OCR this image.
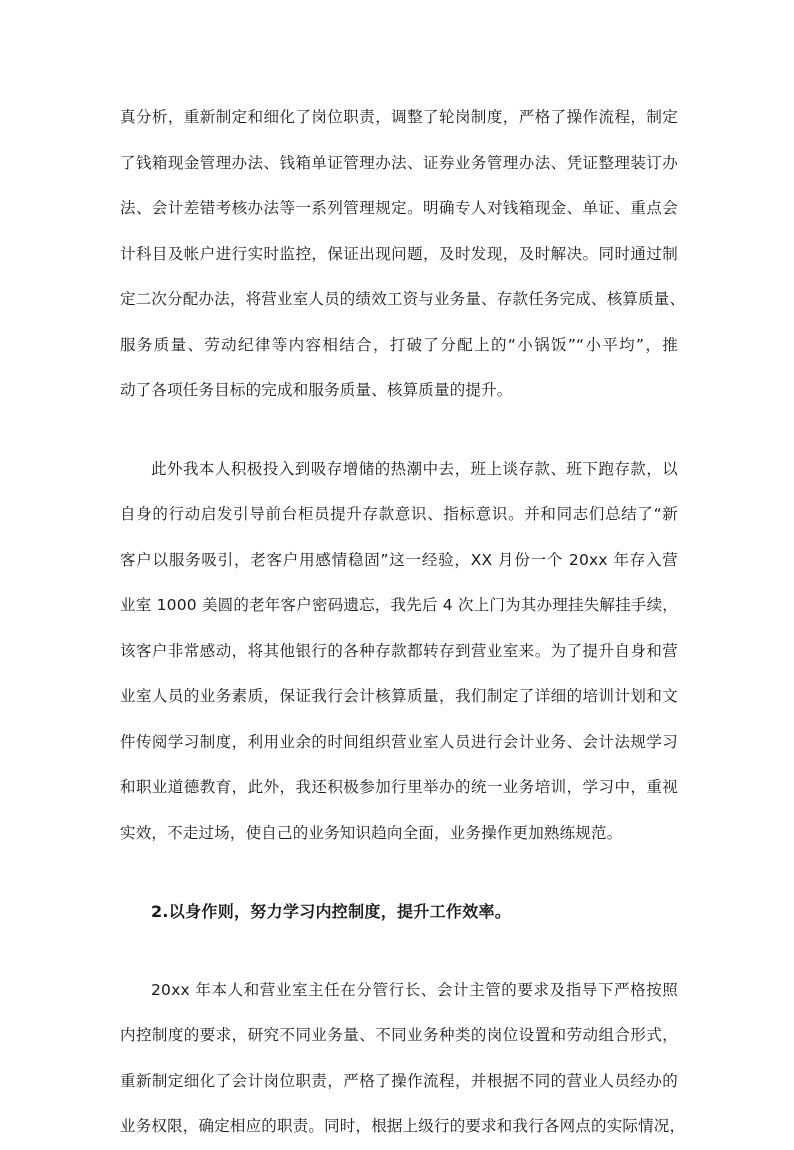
真分析，重新制定和细化了岗位职责，调整了轮岗制度，严格了操作流程，制定
了钱箱现金管理办法、钱箱单证管理办法、证券业务管理办法、凭证整理装订办
法、会计差错考核办法等一系列管理规定。明确专人对钱箱现金、单证、重点会
计科目及帐户进行实时监控，保证出现问题，及时发现，及时解决。同时通过制
定二次分配办法，将营业室人员的绩效工资与业务量、存款任务完成、核算质量、
服务质量、劳动纪律等内容相结合，打破了分配上的“小锅饭”“小平均”，推
动了各项任务目标的完成和服务质量、核算质量的提升。

此外我本人积极投入到吸存增储的热潮中去，班上谈存款、班下跑存款，以
自身的行动启发引导前台柜员提升存款意识、指标意识。并和同志们总结了“新
客户以服务吸引，老客户用感情稳固”这一经验，XX 月份一个 20xx 年存入营
业室 1000 美圆的老年客户密码遗忘，我先后 4 次上门为其办理挂失解挂手续，
该客户非常感动，将其他银行的各种存款都转存到营业室来。为了提升自身和营
业室人员的业务素质，保证我行会计核算质量，我们制定了详细的培训计划和文
件传阅学习制度，利用业余的时间组织营业室人员进行会计业务、会计法规学习
和职业道德教育，此外，我还积极参加行里举办的统一业务培训，学习中，重视
实效，不走过场，使自己的业务知识趋向全面，业务操作更加熟练规范。

2.以身作则，努力学习内控制度，提升工作效率。

20xx 年本人和营业室主任在分管行长、会计主管的要求及指导下严格按照
内控制度的要求，研究不同业务量、不同业务种类的岗位设置和劳动组合形式，
重新制定细化了会计岗位职责，严格了操作流程，并根据不同的营业人员经办的
业务权限，确定相应的职责。同时，根据上级行的要求和我行各网点的实际情况，
